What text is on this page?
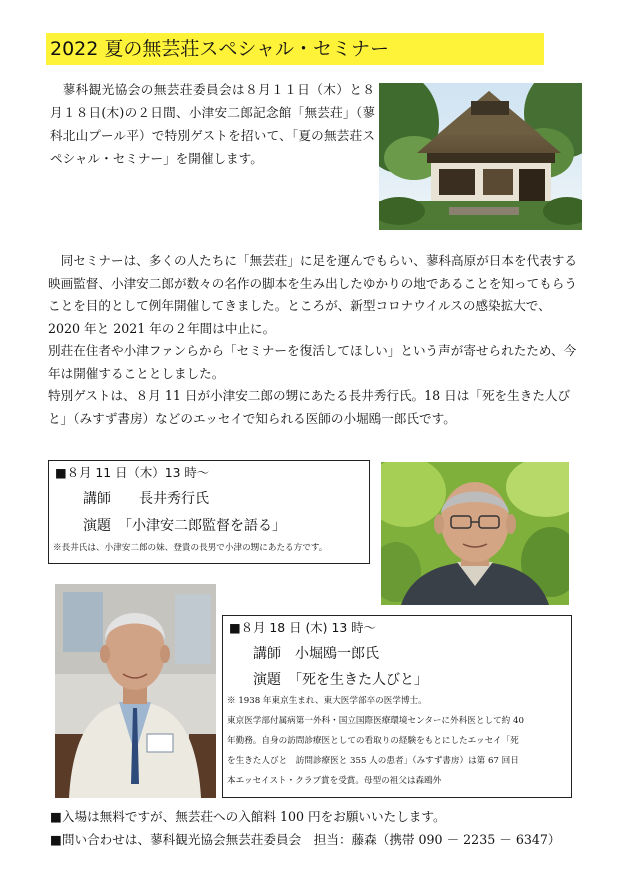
2022 夏の無芸荘スペシャル・セミナー

蓼科観光協会の無芸荘委員会は８月１１日（木）と８月１８日(木)の２日間、小津安二郎記念館「無芸荘」（蓼科北山プール平）で特別ゲストを招いて、「夏の無芸荘スペシャル・セミナー」を開催します。

同セミナーは、多くの人たちに「無芸荘」に足を運んでもらい、蓼科高原が日本を代表する映画監督、小津安二郎が数々の名作の脚本を生み出したゆかりの地であることを知ってもらうことを目的として例年開催してきました。ところが、新型コロナウイルスの感染拡大で、2020 年と 2021 年の２年間は中止に。

別荘在住者や小津ファンらから「セミナーを復活してほしい」という声が寄せられたため、今年は開催することとしました。

特別ゲストは、８月 11 日が小津安二郎の甥にあたる長井秀行氏。18 日は「死を生きた人びと」（みすず書房）などのエッセイで知られる医師の小堀鴎一郎氏です。

■８月 11 日（木）13 時～
講師　　長井秀行氏
演題　「小津安二郎監督を語る」
※長井氏は、小津安二郎の妹、登貴の長男で小津の甥にあたる方です。
■８月 18 日 (木) 13 時～
講師　小堀鴎一郎氏
演題　「死を生きた人びと」
※ 1938 年東京生まれ、東大医学部卒の医学博士。
東京医学部付属病第一外科・国立国際医療環境センターに外科医として約 40
年勤務。自身の訪問診療医としての看取りの経験をもとにしたエッセイ「死
を生きた人びと　訪問診療医と 355 人の患者」（みすず書房）は第 67 回日
本エッセイスト・クラブ賞を受賞。母型の祖父は森鴎外
■入場は無料ですが、無芸荘への入館料 100 円をお願いいたします。
■問い合わせは、蓼科観光協会無芸荘委員会　担当：藤森（携帯 090 － 2235 － 6347）
